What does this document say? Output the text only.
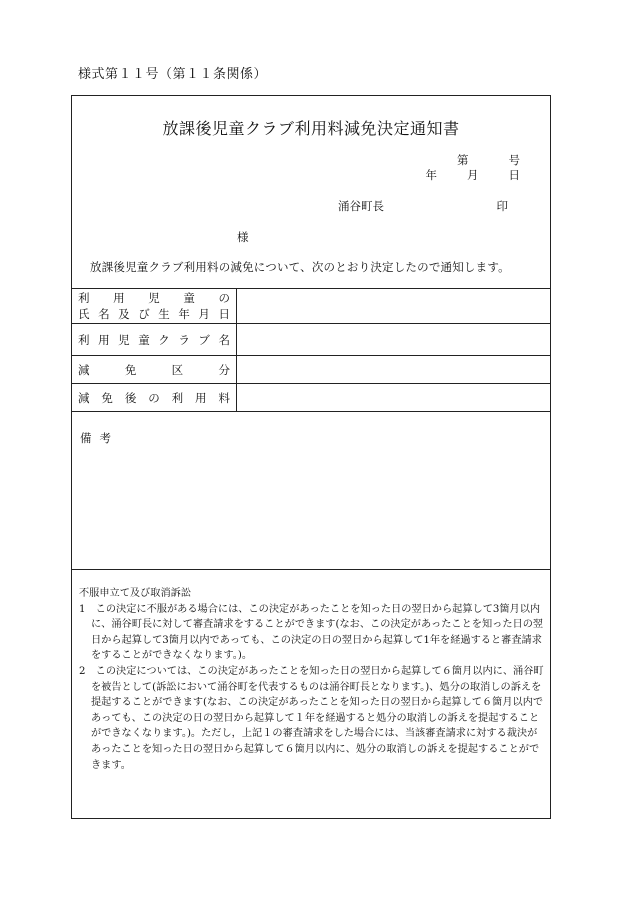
様式第１１号（第１１条関係）
放課後児童クラブ利用料減免決定通知書
第	号
年	月	日
涌谷町長	印
様
放課後児童クラブ利用料の減免について、次のとおり決定したので通知します。
利 用 児 童 の
氏 名 及 び 生 年 月 日
利 用 児 童 ク ラ ブ 名
減	免	区	分
減 免 後 の 利 用 料
備考

不服申立て及び取消訴訟

1　この決定に不服がある場合には、この決定があったことを知った日の翌日から起算して3箇月以内に、涌谷町長に対して審査請求をすることができます(なお、この決定があったことを知った日の翌日から起算して3箇月以内であっても、この決定の日の翌日から起算して1年を経過すると審査請求をすることができなくなります。)。

2　この決定については、この決定があったことを知った日の翌日から起算して６箇月以内に、涌谷町を被告として(訴訟において涌谷町を代表するものは涌谷町長となります。)、処分の取消しの訴えを提起することができます(なお、この決定があったことを知った日の翌日から起算して６箇月以内であっても、この決定の日の翌日から起算して１年を経過すると処分の取消しの訴えを提起することができなくなります。)。ただし，上記１の審査請求をした場合には、当該審査請求に対する裁決があったことを知った日の翌日から起算して６箇月以内に、処分の取消しの訴えを提起することができます。
